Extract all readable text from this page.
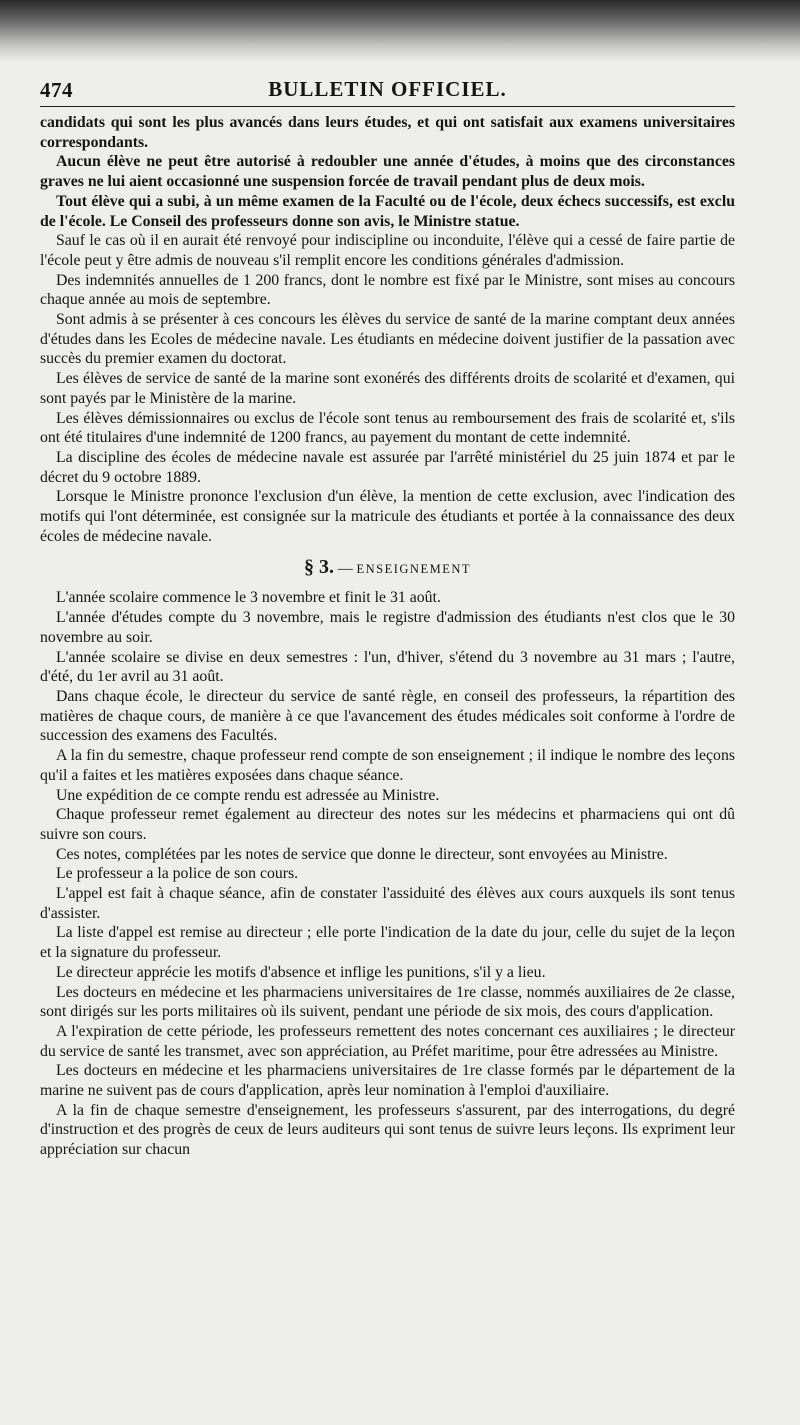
474	BULLETIN OFFICIEL.

candidats qui sont les plus avancés dans leurs études, et qui ont satisfait aux examens universitaires correspondants.

Aucun élève ne peut être autorisé à redoubler une année d'études, à moins que des circonstances graves ne lui aient occasionné une suspension forcée de travail pendant plus de deux mois.

Tout élève qui a subi, à un même examen de la Faculté ou de l'école, deux échecs successifs, est exclu de l'école. Le Conseil des professeurs donne son avis, le Ministre statue.

Sauf le cas où il en aurait été renvoyé pour indiscipline ou inconduite, l'élève qui a cessé de faire partie de l'école peut y être admis de nouveau s'il remplit encore les conditions générales d'admission.

Des indemnités annuelles de 1 200 francs, dont le nombre est fixé par le Ministre, sont mises au concours chaque année au mois de septembre.

Sont admis à se présenter à ces concours les élèves du service de santé de la marine comptant deux années d'études dans les Ecoles de médecine navale. Les étudiants en médecine doivent justifier de la passation avec succès du premier examen du doctorat.

Les élèves de service de santé de la marine sont exonérés des différents droits de scolarité et d'examen, qui sont payés par le Ministère de la marine.

Les élèves démissionnaires ou exclus de l'école sont tenus au remboursement des frais de scolarité et, s'ils ont été titulaires d'une indemnité de 1200 francs, au payement du montant de cette indemnité.

La discipline des écoles de médecine navale est assurée par l'arrêté ministériel du 25 juin 1874 et par le décret du 9 octobre 1889.

Lorsque le Ministre prononce l'exclusion d'un élève, la mention de cette exclusion, avec l'indication des motifs qui l'ont déterminée, est consignée sur la matricule des étudiants et portée à la connaissance des deux écoles de médecine navale.

§ 3. — ENSEIGNEMENT

L'année scolaire commence le 3 novembre et finit le 31 août.

L'année d'études compte du 3 novembre, mais le registre d'admission des étudiants n'est clos que le 30 novembre au soir.

L'année scolaire se divise en deux semestres : l'un, d'hiver, s'étend du 3 novembre au 31 mars ; l'autre, d'été, du 1er avril au 31 août.

Dans chaque école, le directeur du service de santé règle, en conseil des professeurs, la répartition des matières de chaque cours, de manière à ce que l'avancement des études médicales soit conforme à l'ordre de succession des examens des Facultés.

A la fin du semestre, chaque professeur rend compte de son enseignement ; il indique le nombre des leçons qu'il a faites et les matières exposées dans chaque séance.

Une expédition de ce compte rendu est adressée au Ministre.

Chaque professeur remet également au directeur des notes sur les médecins et pharmaciens qui ont dû suivre son cours.

Ces notes, complétées par les notes de service que donne le directeur, sont envoyées au Ministre.

Le professeur a la police de son cours.

L'appel est fait à chaque séance, afin de constater l'assiduité des élèves aux cours auxquels ils sont tenus d'assister.

La liste d'appel est remise au directeur ; elle porte l'indication de la date du jour, celle du sujet de la leçon et la signature du professeur.

Le directeur apprécie les motifs d'absence et inflige les punitions, s'il y a lieu.

Les docteurs en médecine et les pharmaciens universitaires de 1re classe, nommés auxiliaires de 2e classe, sont dirigés sur les ports militaires où ils suivent, pendant une période de six mois, des cours d'application.

A l'expiration de cette période, les professeurs remettent des notes concernant ces auxiliaires ; le directeur du service de santé les transmet, avec son appréciation, au Préfet maritime, pour être adressées au Ministre.

Les docteurs en médecine et les pharmaciens universitaires de 1re classe formés par le département de la marine ne suivent pas de cours d'application, après leur nomination à l'emploi d'auxiliaire.

A la fin de chaque semestre d'enseignement, les professeurs s'assurent, par des interrogations, du degré d'instruction et des progrès de ceux de leurs auditeurs qui sont tenus de suivre leurs leçons. Ils expriment leur appréciation sur chacun
